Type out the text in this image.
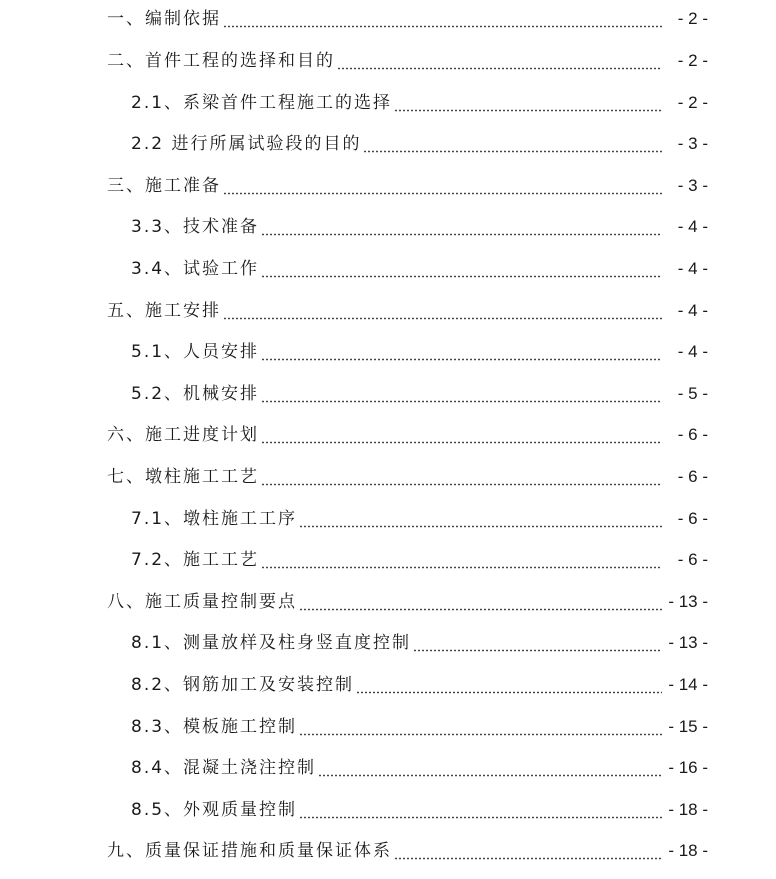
一、编制依据	- 2 -
二、首件工程的选择和目的	- 2 -
2.1、系梁首件工程施工的选择	- 2 -
2.2 进行所属试验段的目的	- 3 -
三、施工准备	- 3 -
3.3、技术准备	- 4 -
3.4、试验工作	- 4 -
五、施工安排	- 4 -
5.1、人员安排	- 4 -
5.2、机械安排	- 5 -
六、施工进度计划	- 6 -
七、墩柱施工工艺	- 6 -
7.1、墩柱施工工序	- 6 -
7.2、施工工艺	- 6 -
八、施工质量控制要点	- 13 -
8.1、测量放样及柱身竖直度控制	- 13 -
8.2、钢筋加工及安装控制	- 14 -
8.3、模板施工控制	- 15 -
8.4、混凝土浇注控制	- 16 -
8.5、外观质量控制	- 18 -
九、质量保证措施和质量保证体系	- 18 -
